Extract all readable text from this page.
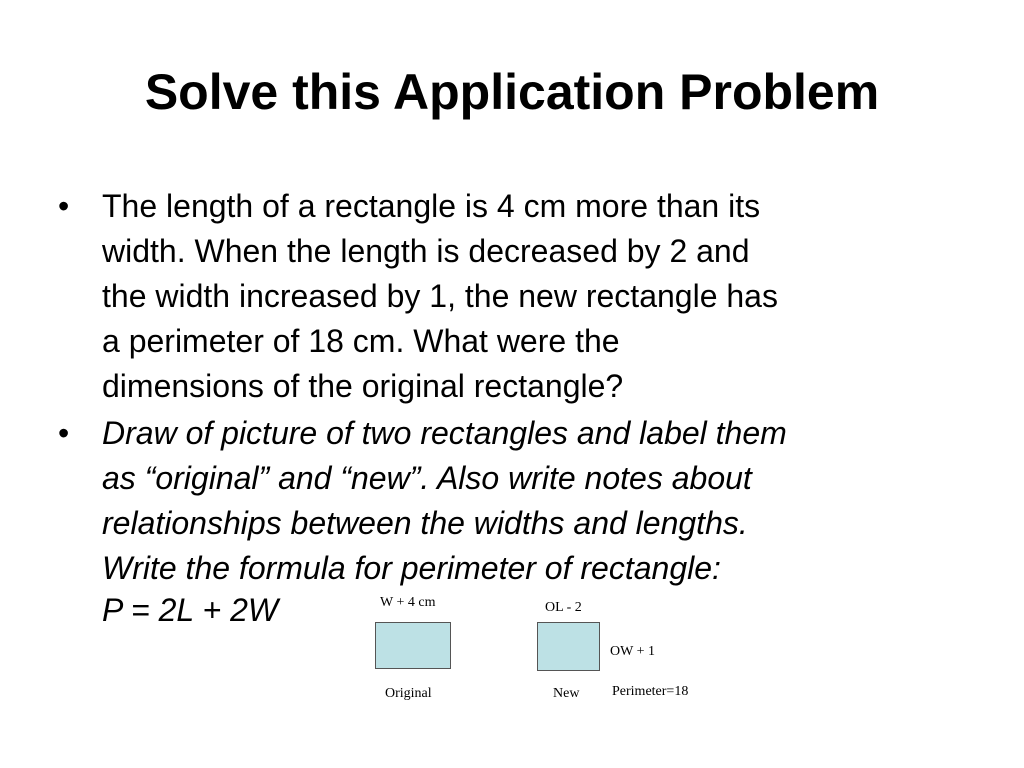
Solve this Application Problem
•	The length of a rectangle is 4 cm more than its
width. When the length is decreased by 2 and
the width increased by 1, the new rectangle has
a perimeter of 18 cm. What were the
dimensions of the original rectangle?
•	Draw of picture of two rectangles and label them
as “original” and “new”. Also write notes about
relationships between the widths and lengths.
Write the formula for perimeter of rectangle:
P = 2L + 2W	W + 4 cm
Original
OL - 2
OW + 1
New Perimeter=18
